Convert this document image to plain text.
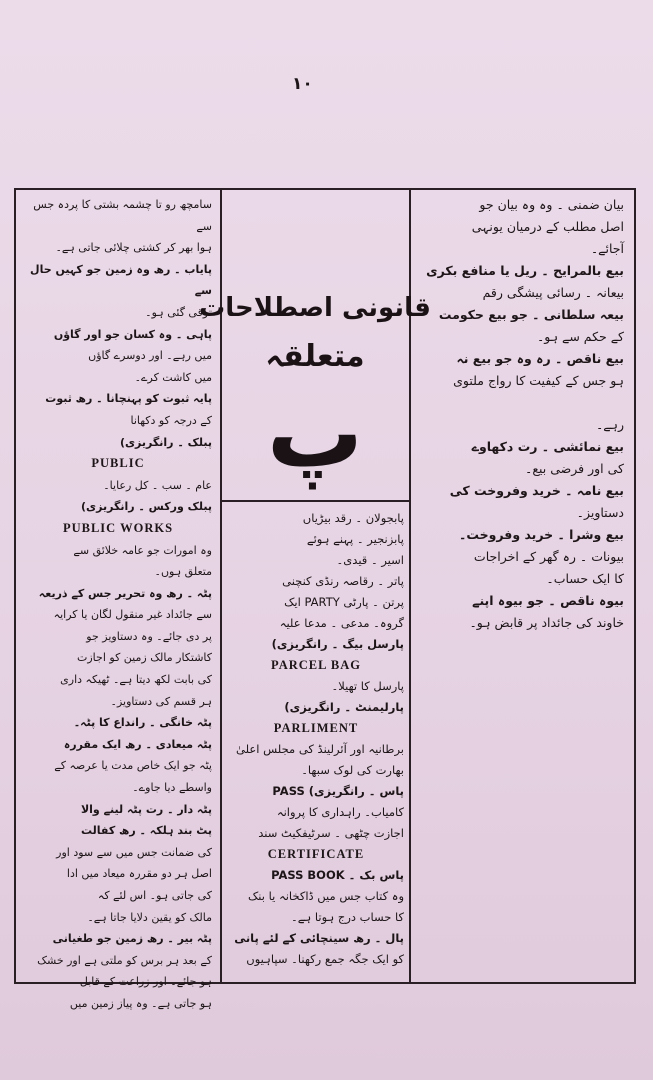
۱۰
قانونی اصطلاحات
متعلقہ
پ
بیان ضمنی ۔ وہ وہ بیان جو
اصل مطلب کے درمیان یونہی
آجائے۔
بیع بالمرایح ۔ ریل یا منافع بکری
بیعانہ ۔ رسائی پیشگی رقم
بیعہ سلطانی ۔ جو بیع حکومت
کے حکم سے ہو۔
بیع ناقص ۔ رہ وہ جو بیع نہ
ہو جس کے کیفیت کا رواج ملتوی
رہے۔
بیع نمائشی ۔ رت دکھاوے
کی اور فرضی بیع۔
بیع نامہ ۔ خرید وفروخت کی
دستاویز۔
بیع وشرا ۔ خرید وفروخت۔
بیونات ۔ رہ گھر کے اخراجات
کا ایک حساب۔
بیوہ ناقص ۔ جو بیوہ اپنے
خاوند کی جائداد پر قابض ہو۔
پابجولان ۔ رقد بیڑیاں
پابزنجیر ۔ پہنے ہوئے
اسیر ۔ قیدی۔
پاتر ۔ رقاصہ رنڈی کنچنی
پرتن ۔ پارٹی PARTY ایک
گروہ۔ مدعی ۔ مدعا علیہ
پارسل بیگ ۔ رانگریزی)
PARCEL BAG
پارسل کا تھیلا۔
پارلیمنٹ ۔ رانگریزی)
PARLIMENT
برطانیہ اور آئرلینڈ کی مجلس اعلیٰ
بھارت کی لوک سبھا۔
پاس ۔ رانگریزی) PASS
کامیاب۔ راہداری کا پروانہ
اجازت چٹھی ۔ سرٹیفکیٹ سند
CERTIFICATE
پاس بک ۔ PASS BOOK
وہ کتاب جس میں ڈاکخانہ یا بنک
کا حساب درج ہوتا ہے۔
پال ۔ رھ سینچائی کے لئے پانی
کو ایک جگہ جمع رکھنا۔ سپاہیوں
سامچھ رو تا چشمہ بشتی کا پردہ جس سے
ہوا بھر کر کشتی چلائی جاتی ہے۔
پایاب ۔ رھ وہ زمین جو کہیں حال سے
ترقی گئی ہو۔
پاہی ۔ وہ کسان جو اور گاؤں
میں رہے۔ اور دوسرے گاؤں
میں کاشت کرے۔
پایہ ثبوت کو پہنچانا ۔ رھ ثبوت
کے درجہ کو دکھانا
پبلک ۔ رانگریزی)
PUBLIC
عام ۔ سب ۔ کل رعایا۔
پبلک ورکس ۔ رانگریزی)
PUBLIC WORKS
وہ امورات جو عامہ خلائق سے
متعلق ہوں۔
پٹہ ۔ رھ وہ تحریر جس کے ذریعہ
سے جائداد غیر منقول لگان یا کرایہ
پر دی جائے۔ وہ دستاویز جو
کاشتکار مالک زمین کو اجازت
کی بابت لکھ دیتا ہے۔ ٹھیکہ داری
ہر قسم کی دستاویز۔
پٹہ خانگی ۔ رانداع کا پٹہ۔
پٹہ میعادی ۔ رھ ایک مقررہ
پٹہ جو ایک خاص مدت یا عرصہ کے
واسطے دیا جاوے۔
پٹہ دار ۔ رت پٹہ لینے والا
پٹ بند ہلکہ ۔ رھ کفالت
کی ضمانت جس میں سے سود اور
اصل ہر دو مقررہ میعاد میں ادا
کی جاتی ہو۔ اس لئے کہ
مالک کو یقین دلایا جاتا ہے۔
پٹہ بیر ۔ رھ زمین جو طغیانی
کے بعد ہر برس کو ملتی ہے اور خشک
ہو جائے۔ اور زراعت کے قابل
ہو جاتی ہے۔ وہ پیاز زمین میں
